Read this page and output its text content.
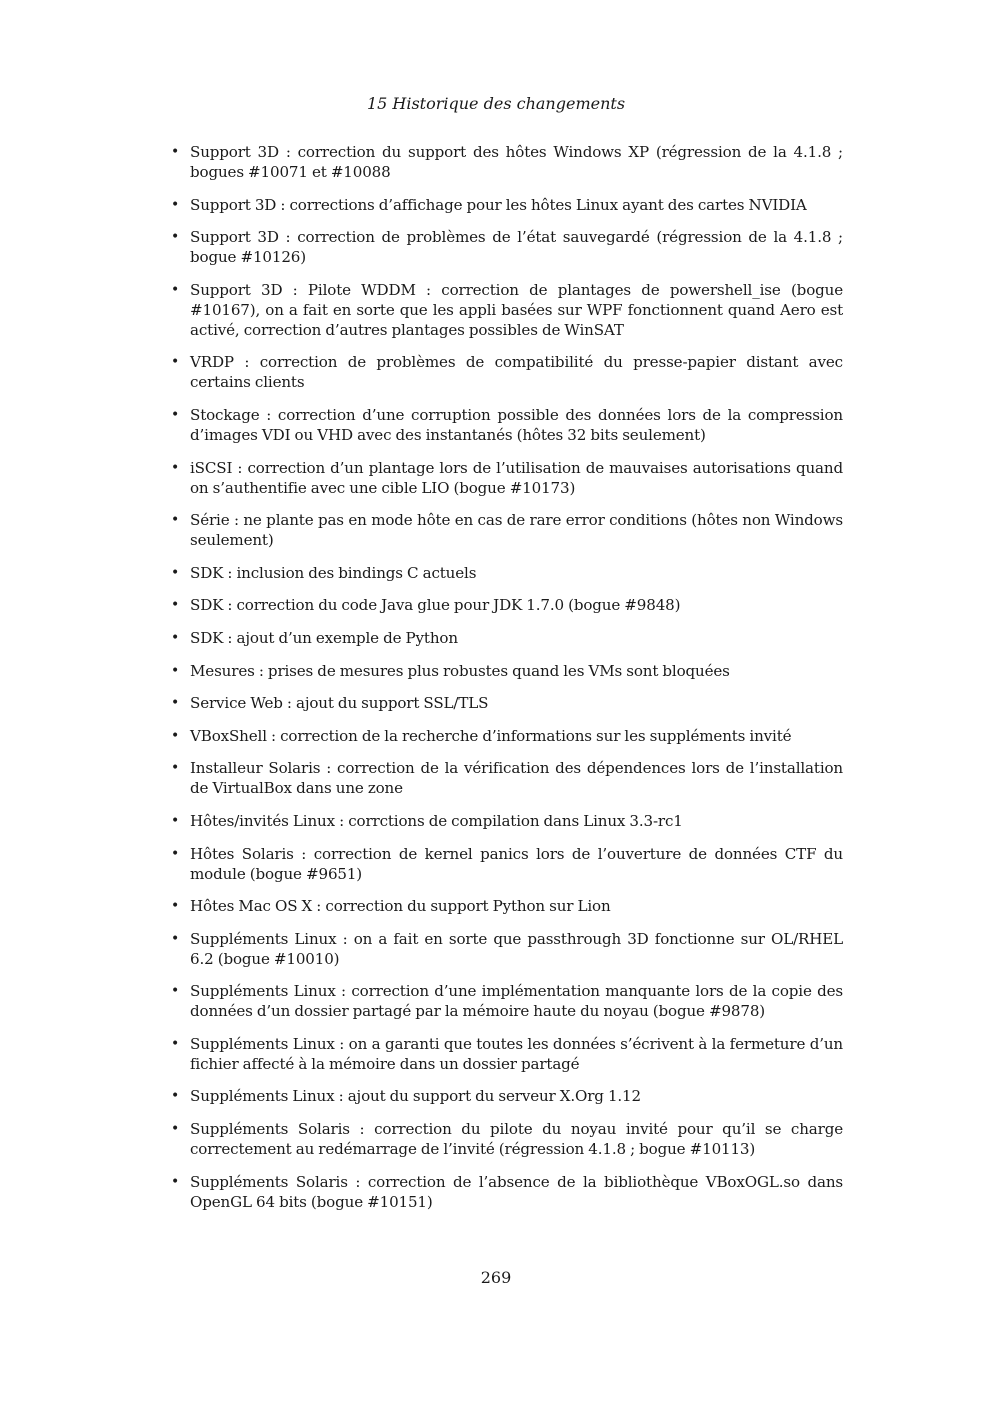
15 Historique des changements
• Support 3D : correction du support des hôtes Windows XP (régression de la 4.1.8 ; bogues #10071 et #10088
• Support 3D : corrections d’affichage pour les hôtes Linux ayant des cartes NVIDIA
• Support 3D : correction de problèmes de l’état sauvegardé (régression de la 4.1.8 ; bogue #10126)
• Support 3D : Pilote WDDM : correction de plantages de powershell_ise (bogue #10167), on a fait en sorte que les appli basées sur WPF fonctionnent quand Aero est activé, correction d’autres plantages possibles de WinSAT
• VRDP : correction de problèmes de compatibilité du presse-papier distant avec certains clients
• Stockage : correction d’une corruption possible des données lors de la compression d’images VDI ou VHD avec des instantanés (hôtes 32 bits seulement)
• iSCSI : correction d’un plantage lors de l’utilisation de mauvaises autorisations quand on s’authentifie avec une cible LIO (bogue #10173)
• Série : ne plante pas en mode hôte en cas de rare error conditions (hôtes non Windows seulement)
• SDK : inclusion des bindings C actuels
• SDK : correction du code Java glue pour JDK 1.7.0 (bogue #9848)
• SDK : ajout d’un exemple de Python
• Mesures : prises de mesures plus robustes quand les VMs sont bloquées
• Service Web : ajout du support SSL/TLS
• VBoxShell : correction de la recherche d’informations sur les suppléments invité
• Installeur Solaris : correction de la vérification des dépendences lors de l’installation de VirtualBox dans une zone
• Hôtes/invités Linux : corrctions de compilation dans Linux 3.3-rc1
• Hôtes Solaris : correction de kernel panics lors de l’ouverture de données CTF du module (bogue #9651)
• Hôtes Mac OS X : correction du support Python sur Lion
• Suppléments Linux : on a fait en sorte que passthrough 3D fonctionne sur OL/RHEL 6.2 (bogue #10010)
• Suppléments Linux : correction d’une implémentation manquante lors de la copie des données d’un dossier partagé par la mémoire haute du noyau (bogue #9878)
• Suppléments Linux : on a garanti que toutes les données s’écrivent à la fermeture d’un fichier affecté à la mémoire dans un dossier partagé
• Suppléments Linux : ajout du support du serveur X.Org 1.12
• Suppléments Solaris : correction du pilote du noyau invité pour qu’il se charge correctement au redémarrage de l’invité (régression 4.1.8 ; bogue #10113)
• Suppléments Solaris : correction de l’absence de la bibliothèque VBoxOGL.so dans OpenGL 64 bits (bogue #10151)
269
